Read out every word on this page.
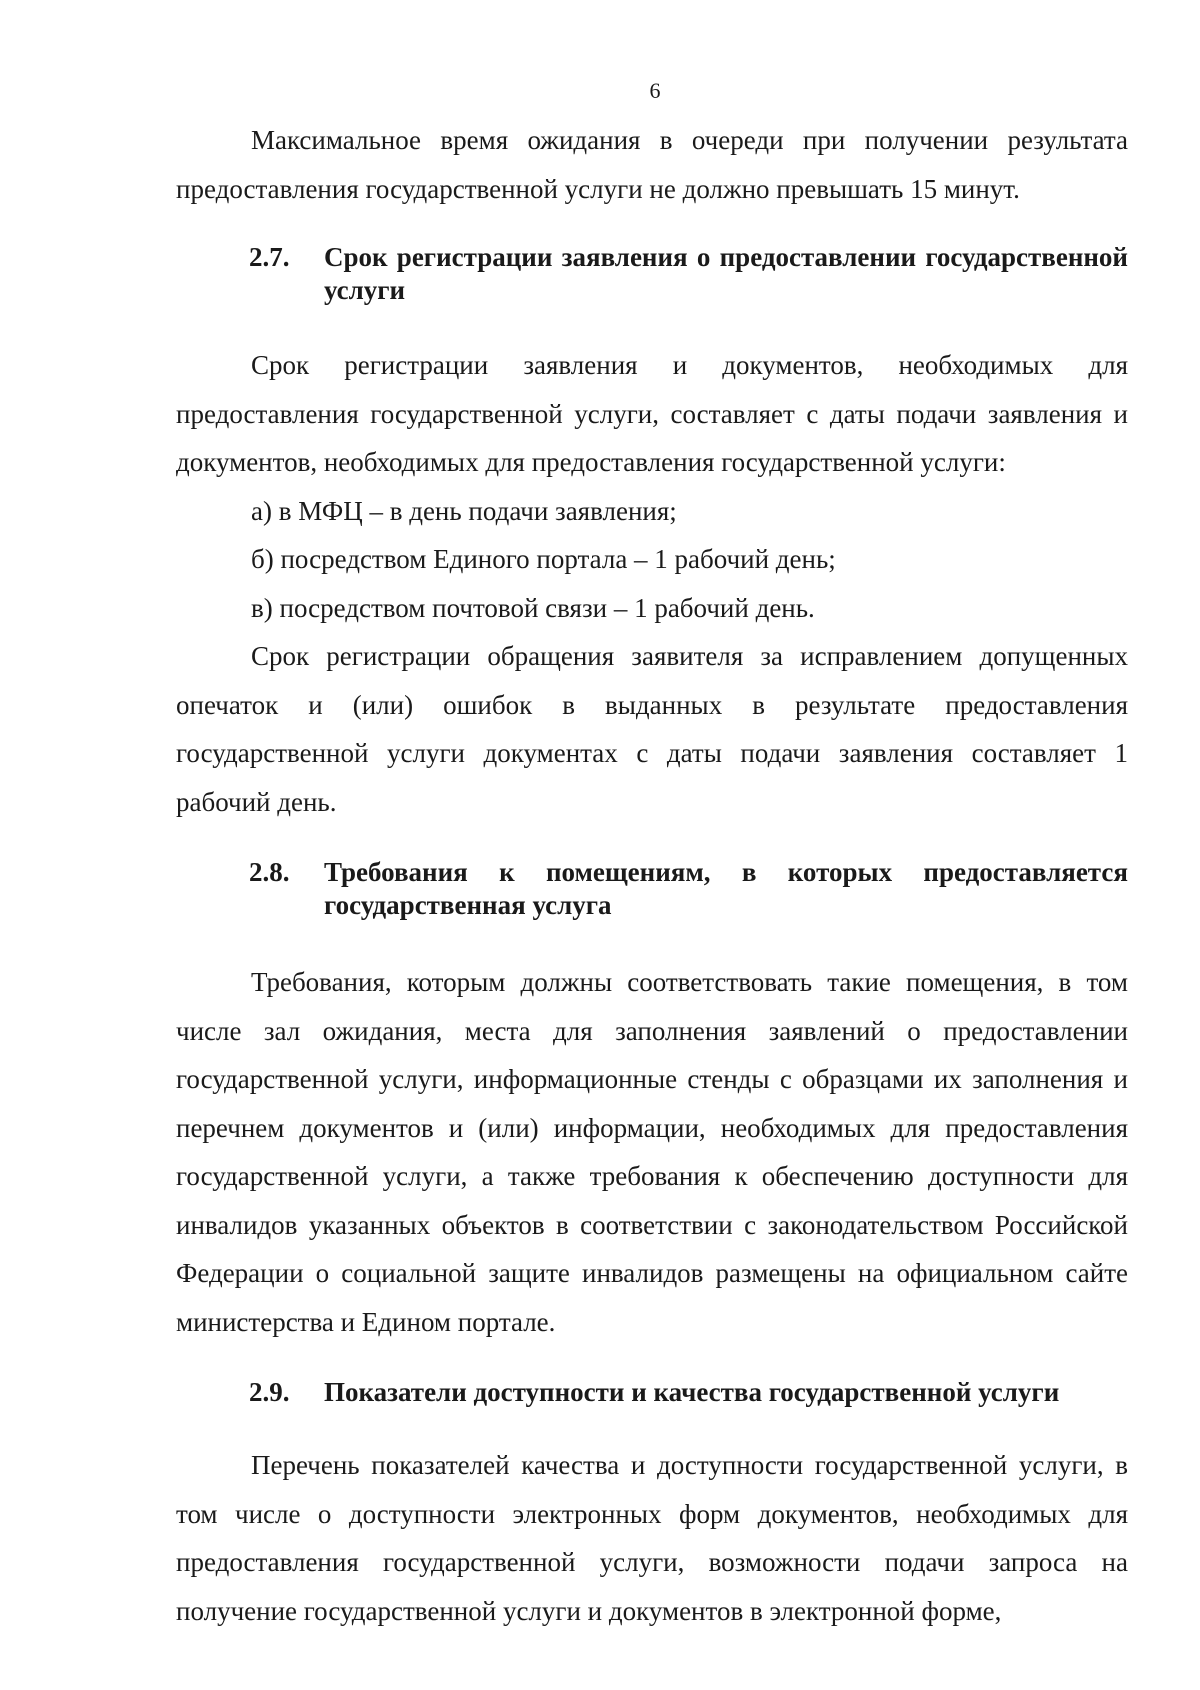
6

Максимальное время ожидания в очереди при получении результата предоставления государственной услуги не должно превышать 15 минут.

2.7. Срок регистрации заявления о предоставлении государственной услуги

Срок регистрации заявления и документов, необходимых для предоставления государственной услуги, составляет с даты подачи заявления и документов, необходимых для предоставления государственной услуги:

а) в МФЦ – в день подачи заявления;

б) посредством Единого портала – 1 рабочий день;

в) посредством почтовой связи – 1 рабочий день.

Срок регистрации обращения заявителя за исправлением допущенных опечаток и (или) ошибок в выданных в результате предоставления государственной услуги документах с даты подачи заявления составляет 1 рабочий день.

2.8. Требования к помещениям, в которых предоставляется государственная услуга

Требования, которым должны соответствовать такие помещения, в том числе зал ожидания, места для заполнения заявлений о предоставлении государственной услуги, информационные стенды с образцами их заполнения и перечнем документов и (или) информации, необходимых для предоставления государственной услуги, а также требования к обеспечению доступности для инвалидов указанных объектов в соответствии с законодательством Российской Федерации о социальной защите инвалидов размещены на официальном сайте министерства и Едином портале.

2.9. Показатели доступности и качества государственной услуги

Перечень показателей качества и доступности государственной услуги, в том числе о доступности электронных форм документов, необходимых для предоставления государственной услуги, возможности подачи запроса на получение государственной услуги и документов в электронной форме,
